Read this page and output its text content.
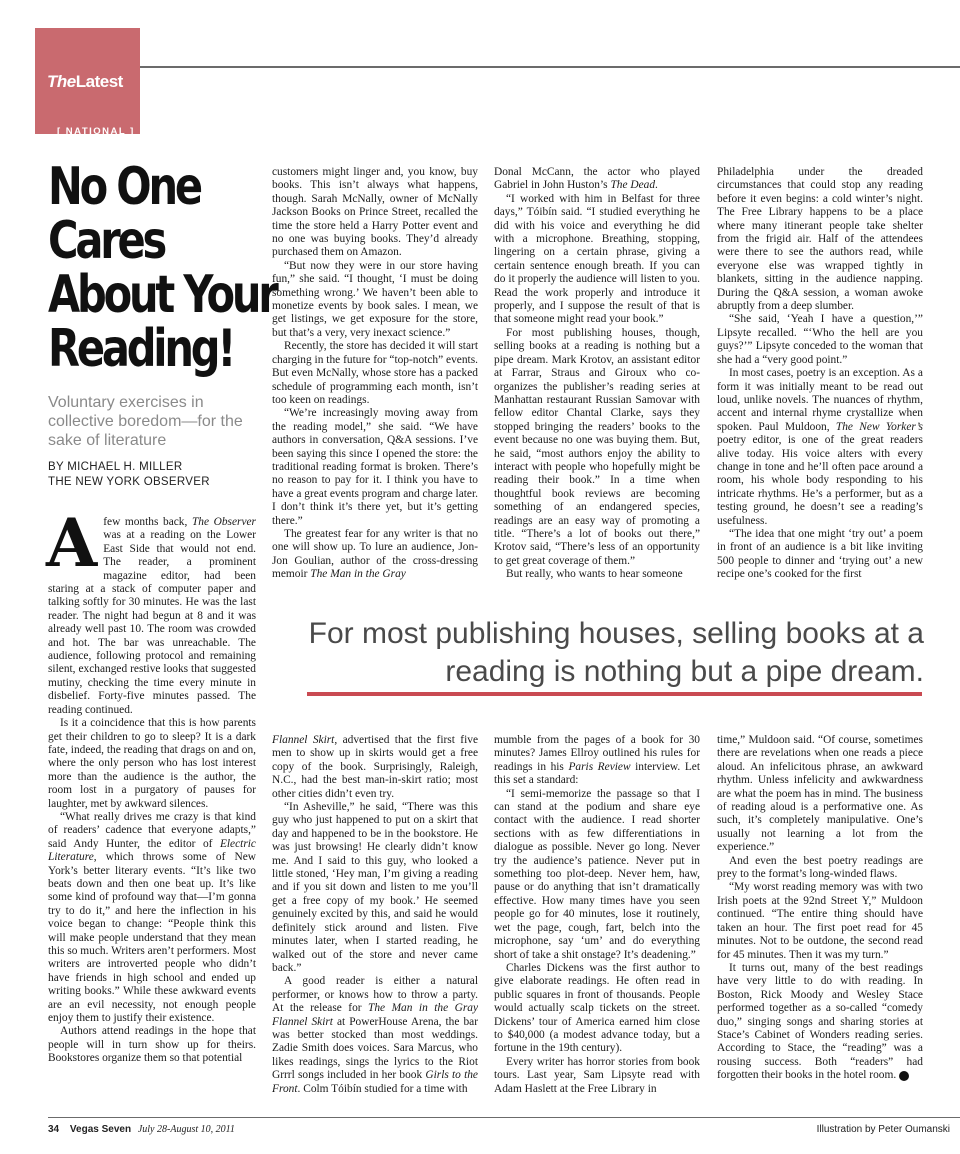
TheLatest
[ NATIONAL ]
No One
Cares
About Your
Reading!
Voluntary exercises in collective boredom—for the sake of literature
BY MICHAEL H. MILLER
THE NEW YORK OBSERVER

A few months back, The Observer was at a reading on the Lower East Side that would not end. The reader, a prominent magazine editor, had been staring at a stack of computer paper and talking softly for 30 minutes. He was the last reader. The night had begun at 8 and it was already well past 10. The room was crowded and hot. The bar was unreachable. The audience, following protocol and remaining silent, exchanged restive looks that suggested mutiny, checking the time every minute in disbelief. Forty-five minutes passed. The reading continued.

Is it a coincidence that this is how parents get their children to go to sleep? It is a dark fate, indeed, the reading that drags on and on, where the only person who has lost interest more than the audience is the author, the room lost in a purgatory of pauses for laughter, met by awkward silences.

“What really drives me crazy is that kind of readers’ cadence that everyone adapts,” said Andy Hunter, the editor of Electric Literature, which throws some of New York’s better literary events. “It’s like two beats down and then one beat up. It’s like some kind of profound way that—I’m gonna try to do it,” and here the inflection in his voice began to change: “People think this will make people understand that they mean this so much. Writers aren’t performers. Most writers are introverted people who didn’t have friends in high school and ended up writing books.” While these awkward events are an evil necessity, not enough people enjoy them to justify their existence.

Authors attend readings in the hope that people will in turn show up for theirs. Bookstores organize them so that potential

customers might linger and, you know, buy books. This isn’t always what happens, though. Sarah McNally, owner of McNally Jackson Books on Prince Street, recalled the time the store held a Harry Potter event and no one was buying books. They’d already purchased them on Amazon.

“But now they were in our store having fun,” she said. “I thought, ‘I must be doing something wrong.’ We haven’t been able to monetize events by book sales. I mean, we get listings, we get exposure for the store, but that’s a very, very inexact science.”

Recently, the store has decided it will start charging in the future for “top-notch” events. But even McNally, whose store has a packed schedule of programming each month, isn’t too keen on readings.

“We’re increasingly moving away from the reading model,” she said. “We have authors in conversation, Q&A sessions. I’ve been saying this since I opened the store: the traditional reading format is broken. There’s no reason to pay for it. I think you have to have a great events program and charge later. I don’t think it’s there yet, but it’s getting there.”

The greatest fear for any writer is that no one will show up. To lure an audience, Jon-Jon Goulian, author of the cross-dressing memoir The Man in the Gray

Donal McCann, the actor who played Gabriel in John Huston’s The Dead.

“I worked with him in Belfast for three days,” Tóibín said. “I studied everything he did with his voice and everything he did with a microphone. Breathing, stopping, lingering on a certain phrase, giving a certain sentence enough breath. If you can do it properly the audience will listen to you. Read the work properly and introduce it properly, and I suppose the result of that is that someone might read your book.”

For most publishing houses, though, selling books at a reading is nothing but a pipe dream. Mark Krotov, an assistant editor at Farrar, Straus and Giroux who co-organizes the publisher’s reading series at Manhattan restaurant Russian Samovar with fellow editor Chantal Clarke, says they stopped bringing the readers’ books to the event because no one was buying them. But, he said, “most authors enjoy the ability to interact with people who hopefully might be reading their book.” In a time when thoughtful book reviews are becoming something of an endangered species, readings are an easy way of promoting a title. “There’s a lot of books out there,” Krotov said, “There’s less of an opportunity to get great coverage of them.”

But really, who wants to hear someone

Philadelphia under the dreaded circumstances that could stop any reading before it even begins: a cold winter’s night. The Free Library happens to be a place where many itinerant people take shelter from the frigid air. Half of the attendees were there to see the authors read, while everyone else was wrapped tightly in blankets, sitting in the audience napping. During the Q&A session, a woman awoke abruptly from a deep slumber.

“She said, ‘Yeah I have a question,’” Lipsyte recalled. “‘Who the hell are you guys?’” Lipsyte conceded to the woman that she had a “very good point.”

In most cases, poetry is an exception. As a form it was initially meant to be read out loud, unlike novels. The nuances of rhythm, accent and internal rhyme crystallize when spoken. Paul Muldoon, The New Yorker’s poetry editor, is one of the great readers alive today. His voice alters with every change in tone and he’ll often pace around a room, his whole body responding to his intricate rhythms. He’s a performer, but as a testing ground, he doesn’t see a reading’s usefulness.

“The idea that one might ‘try out’ a poem in front of an audience is a bit like inviting 500 people to dinner and ‘trying out’ a new recipe one’s cooked for the first

For most publishing houses, selling books at a reading is nothing but a pipe dream.

Flannel Skirt, advertised that the first five men to show up in skirts would get a free copy of the book. Surprisingly, Raleigh, N.C., had the best man-in-skirt ratio; most other cities didn’t even try.

“In Asheville,” he said, “There was this guy who just happened to put on a skirt that day and happened to be in the bookstore. He was just browsing! He clearly didn’t know me. And I said to this guy, who looked a little stoned, ‘Hey man, I’m giving a reading and if you sit down and listen to me you’ll get a free copy of my book.’ He seemed genuinely excited by this, and said he would definitely stick around and listen. Five minutes later, when I started reading, he walked out of the store and never came back.”

A good reader is either a natural performer, or knows how to throw a party. At the release for The Man in the Gray Flannel Skirt at PowerHouse Arena, the bar was better stocked than most weddings. Zadie Smith does voices. Sara Marcus, who likes readings, sings the lyrics to the Riot Grrrl songs included in her book Girls to the Front. Colm Tóibín studied for a time with

mumble from the pages of a book for 30 minutes? James Ellroy outlined his rules for readings in his Paris Review interview. Let this set a standard:

“I semi-memorize the passage so that I can stand at the podium and share eye contact with the audience. I read shorter sections with as few differentiations in dialogue as possible. Never go long. Never try the audience’s patience. Never put in something too plot-deep. Never hem, haw, pause or do anything that isn’t dramatically effective. How many times have you seen people go for 40 minutes, lose it routinely, wet the page, cough, fart, belch into the microphone, say ‘um’ and do everything short of take a shit onstage? It’s deadening.”

Charles Dickens was the first author to give elaborate readings. He often read in public squares in front of thousands. People would actually scalp tickets on the street. Dickens’ tour of America earned him close to $40,000 (a modest advance today, but a fortune in the 19th century).

Every writer has horror stories from book tours. Last year, Sam Lipsyte read with Adam Haslett at the Free Library in

time,” Muldoon said. “Of course, sometimes there are revelations when one reads a piece aloud. An infelicitous phrase, an awkward rhythm. Unless infelicity and awkwardness are what the poem has in mind. The business of reading aloud is a performative one. As such, it’s completely manipulative. One’s usually not learning a lot from the experience.”

And even the best poetry readings are prey to the format’s long-winded flaws.

“My worst reading memory was with two Irish poets at the 92nd Street Y,” Muldoon continued. “The entire thing should have taken an hour. The first poet read for 45 minutes. Not to be outdone, the second read for 45 minutes. Then it was my turn.”

It turns out, many of the best readings have very little to do with reading. In Boston, Rick Moody and Wesley Stace performed together as a so-called “comedy duo,” singing songs and sharing stories at Stace’s Cabinet of Wonders reading series. According to Stace, the “reading” was a rousing success. Both “readers” had forgotten their books in the hotel room. 7

34 Vegas Seven July 28-August 10, 2011	Illustration by Peter Oumanski
